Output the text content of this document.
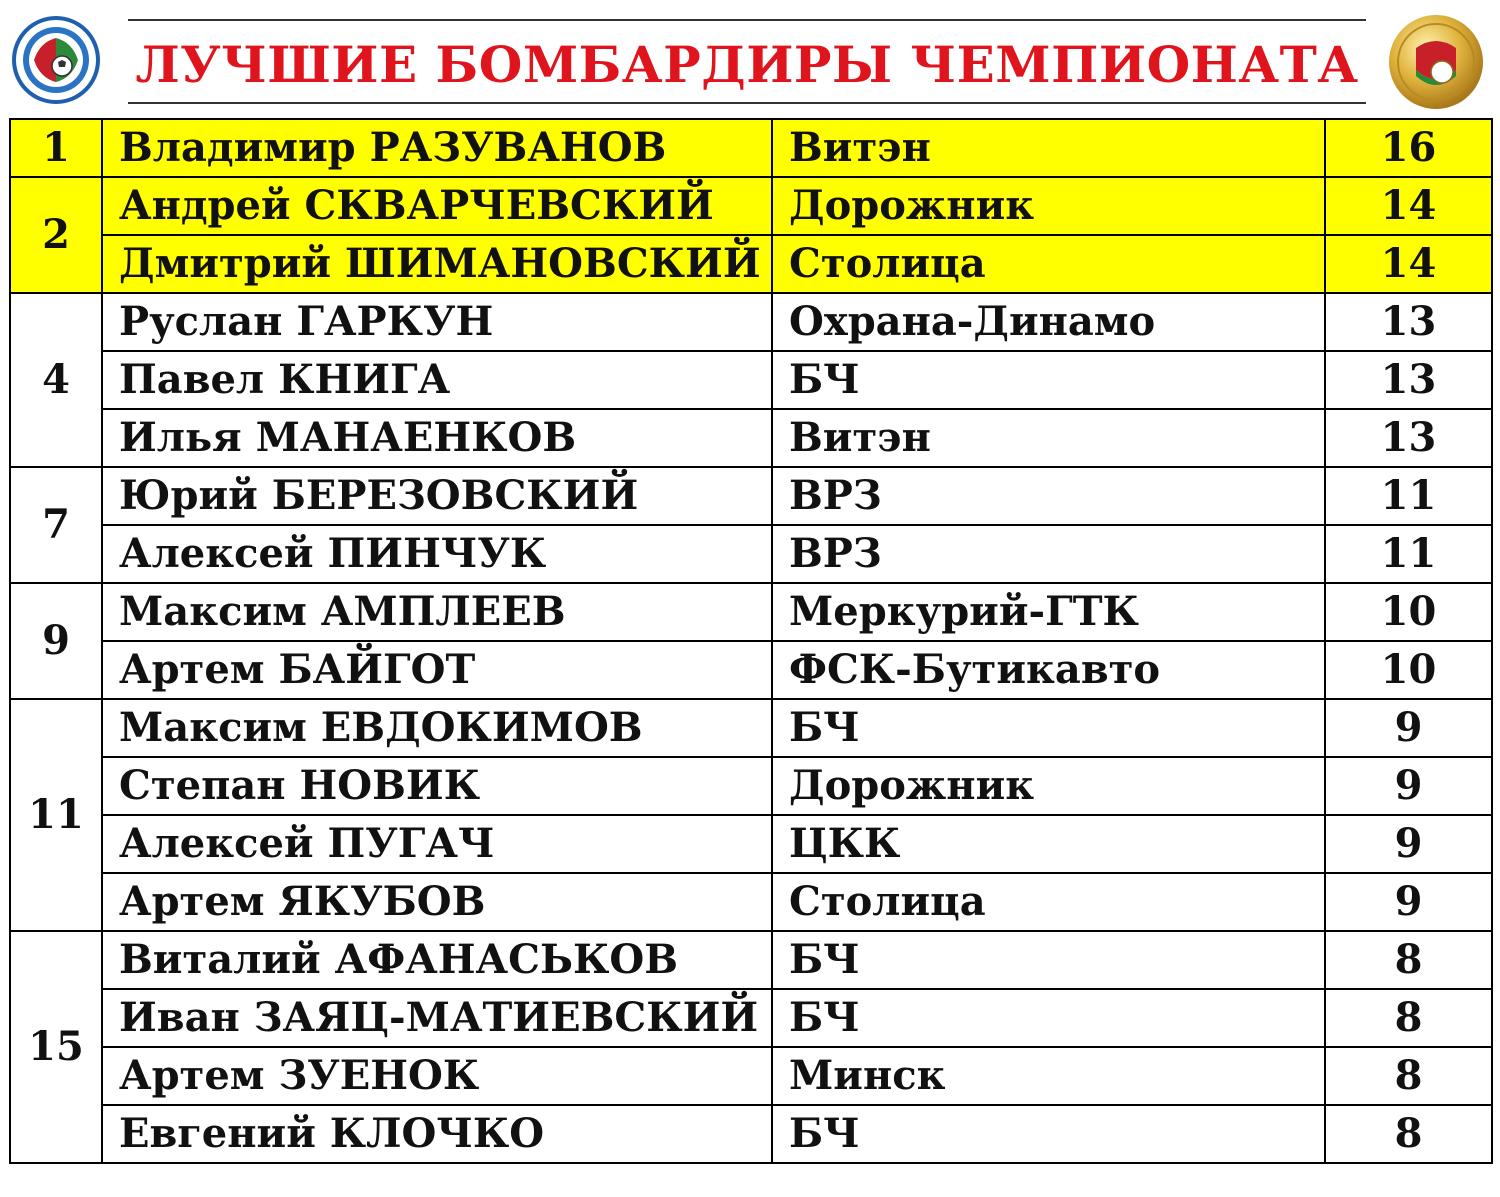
ЛУЧШИЕ БОМБАРДИРЫ ЧЕМПИОНАТА
1	Владимир РАЗУВАНОВ	Витэн	16
2	Андрей СКВАРЧЕВСКИЙ	Дорожник	14
	Дмитрий ШИМАНОВСКИЙ	Столица	14
4	Руслан ГАРКУН	Охрана-Динамо	13
	Павел КНИГА	БЧ	13
	Илья МАНАЕНКОВ	Витэн	13
7	Юрий БЕРЕЗОВСКИЙ	ВРЗ	11
	Алексей ПИНЧУК	ВРЗ	11
9	Максим АМПЛЕЕВ	Меркурий-ГТК	10
	Артем БАЙГОТ	ФСК-Бутикавто	10
11	Максим ЕВДОКИМОВ	БЧ	9
	Степан НОВИК	Дорожник	9
	Алексей ПУГАЧ	ЦКК	9
	Артем ЯКУБОВ	Столица	9
15	Виталий АФАНАСЬКОВ	БЧ	8
	Иван ЗАЯЦ-МАТИЕВСКИЙ	БЧ	8
	Артем ЗУЕНОК	Минск	8
	Евгений КЛОЧКО	БЧ	8
